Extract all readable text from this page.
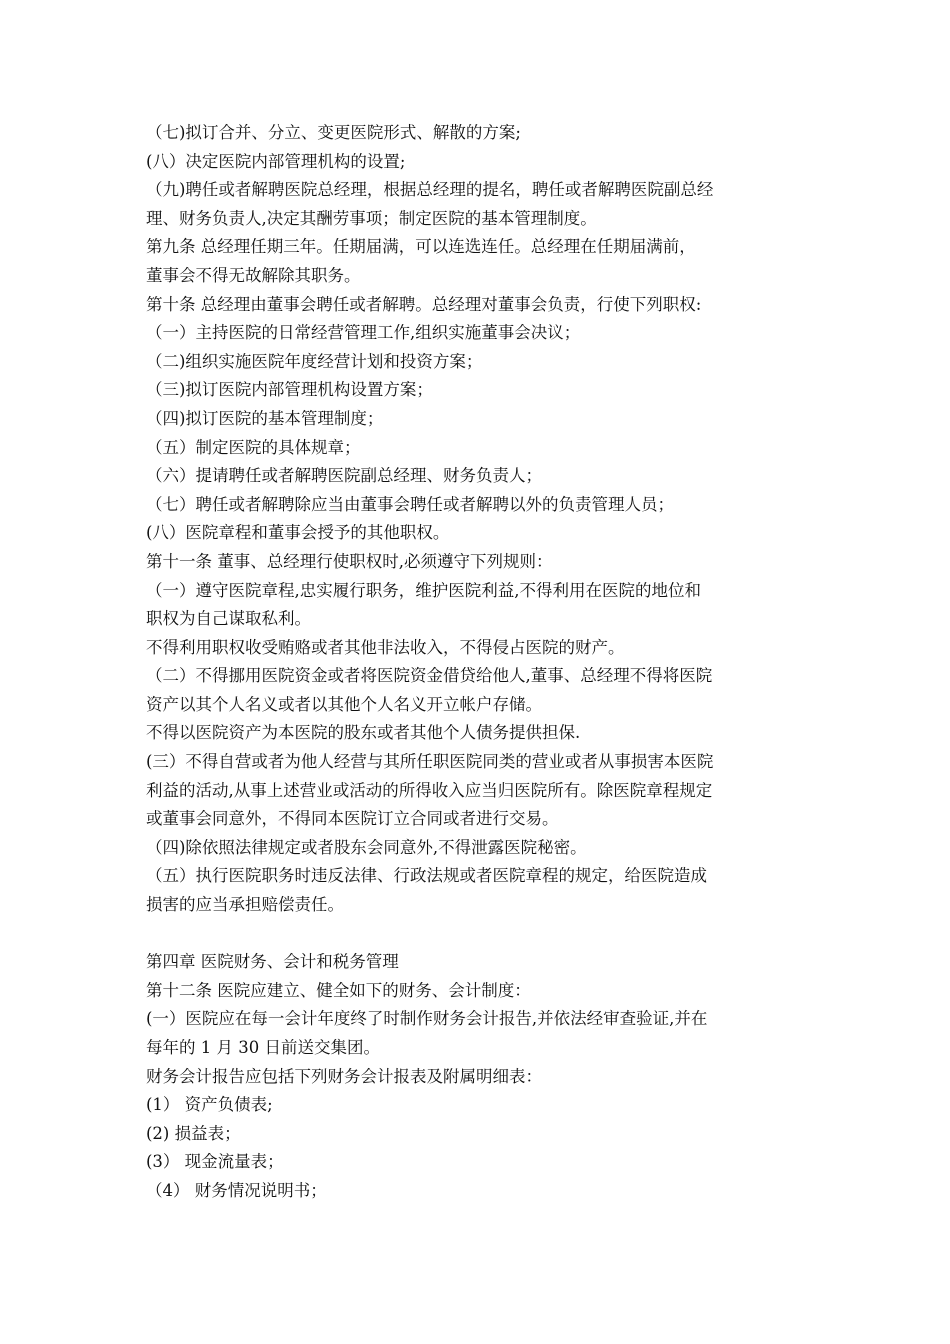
（七)拟订合并、分立、变更医院形式、解散的方案;
(八）决定医院内部管理机构的设置;
（九)聘任或者解聘医院总经理，根据总经理的提名，聘任或者解聘医院副总经
理、财务负责人,决定其酬劳事项；制定医院的基本管理制度。
第九条 总经理任期三年。任期届满，可以连选连任。总经理在任期届满前，
董事会不得无故解除其职务。
第十条 总经理由董事会聘任或者解聘。总经理对董事会负责，行使下列职权:
（一）主持医院的日常经营管理工作,组织实施董事会决议；
（二)组织实施医院年度经营计划和投资方案；
（三)拟订医院内部管理机构设置方案；
（四)拟订医院的基本管理制度；
（五）制定医院的具体规章；
（六）提请聘任或者解聘医院副总经理、财务负责人；
（七）聘任或者解聘除应当由董事会聘任或者解聘以外的负责管理人员；
(八）医院章程和董事会授予的其他职权。
第十一条 董事、总经理行使职权时,必须遵守下列规则：
（一）遵守医院章程,忠实履行职务，维护医院利益,不得利用在医院的地位和
职权为自己谋取私利。
不得利用职权收受贿赂或者其他非法收入，不得侵占医院的财产。
（二）不得挪用医院资金或者将医院资金借贷给他人,董事、总经理不得将医院
资产以其个人名义或者以其他个人名义开立帐户存储。
不得以医院资产为本医院的股东或者其他个人债务提供担保.
(三）不得自营或者为他人经营与其所任职医院同类的营业或者从事损害本医院
利益的活动,从事上述营业或活动的所得收入应当归医院所有。除医院章程规定
或董事会同意外，不得同本医院订立合同或者进行交易。
（四)除依照法律规定或者股东会同意外,不得泄露医院秘密。
（五）执行医院职务时违反法律、行政法规或者医院章程的规定，给医院造成
损害的应当承担赔偿责任。
第四章 医院财务、会计和税务管理
第十二条 医院应建立、健全如下的财务、会计制度：
(一）医院应在每一会计年度终了时制作财务会计报告,并依法经审查验证,并在
每年的 1 月 30 日前送交集团。
财务会计报告应包括下列财务会计报表及附属明细表：
(1） 资产负债表;
(2) 损益表；
(3） 现金流量表；
（4） 财务情况说明书；
